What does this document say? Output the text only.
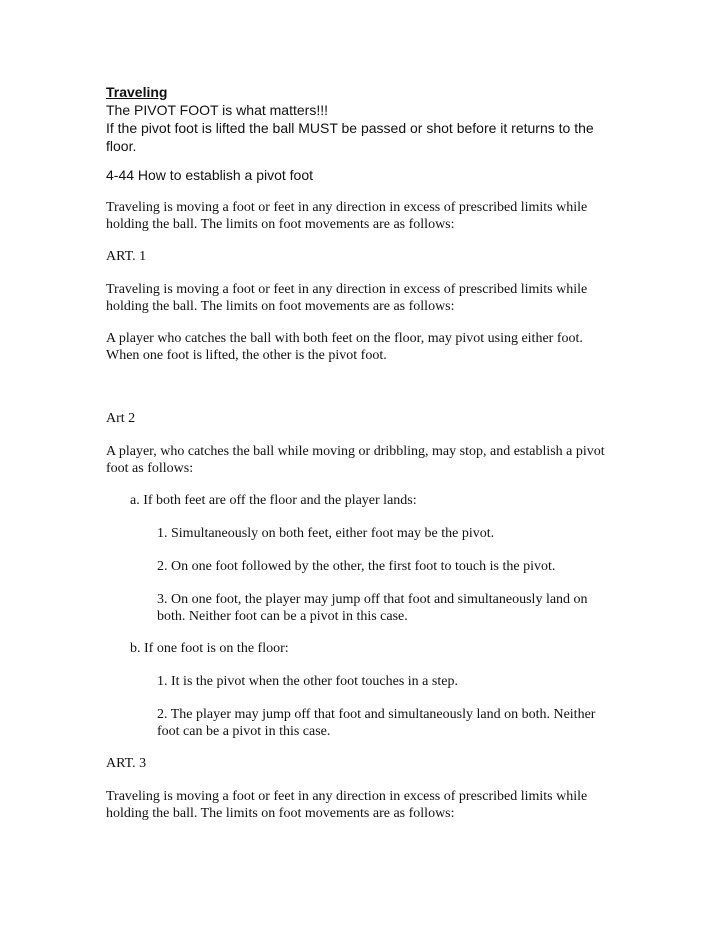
Traveling

The PIVOT FOOT is what matters!!!

If the pivot foot is lifted the ball MUST be passed or shot before it returns to the floor.

4-44 How to establish a pivot foot

Traveling is moving a foot or feet in any direction in excess of prescribed limits while holding the ball. The limits on foot movements are as follows:

ART. 1

Traveling is moving a foot or feet in any direction in excess of prescribed limits while holding the ball. The limits on foot movements are as follows:

A player who catches the ball with both feet on the floor, may pivot using either foot. When one foot is lifted, the other is the pivot foot.

Art 2

A player, who catches the ball while moving or dribbling, may stop, and establish a pivot foot as follows:

a. If both feet are off the floor and the player lands:

1. Simultaneously on both feet, either foot may be the pivot.

2. On one foot followed by the other, the first foot to touch is the pivot.

3. On one foot, the player may jump off that foot and simultaneously land on both. Neither foot can be a pivot in this case.

b. If one foot is on the floor:

1. It is the pivot when the other foot touches in a step.

2. The player may jump off that foot and simultaneously land on both. Neither foot can be a pivot in this case.

ART. 3

Traveling is moving a foot or feet in any direction in excess of prescribed limits while holding the ball. The limits on foot movements are as follows:
